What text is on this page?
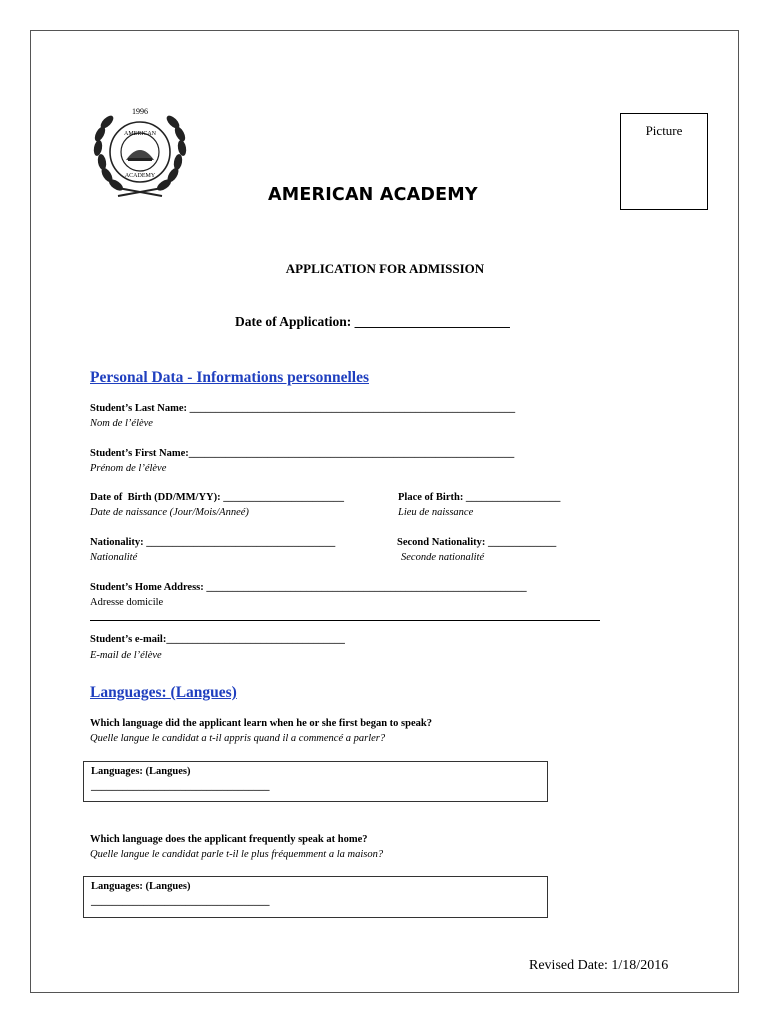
1996
AMERICAN
ACADEMY
AMERICAN ACADEMY
Picture
APPLICATION FOR ADMISSION
Date of Application: _______________________
Personal Data - Informations personnelles
Student’s Last Name: ______________________________________________________________
Nom de l’élève
Student’s First Name:______________________________________________________________
Prénom de l’élève
Date of  Birth (DD/MM/YY): _______________________
Date de naissance (Jour/Mois/Anneé)
Place of Birth: __________________
Lieu de naissance
Nationality: ____________________________________
Nationalité
Second Nationality: _____________
Seconde nationalité
Student’s Home Address: _____________________________________________________________
Adresse domicile
Student’s e-mail:__________________________________
E-mail de l’élève
Languages: (Langues)
Which language did the applicant learn when he or she first began to speak?
Quelle langue le candidat a t-il appris quand il a commencé a parler?
Languages: (Langues)
__________________________________
Which language does the applicant frequently speak at home?
Quelle langue le candidat parle t-il le plus fréquemment a la maison?
Languages: (Langues)
__________________________________
Revised Date: 1/18/2016
